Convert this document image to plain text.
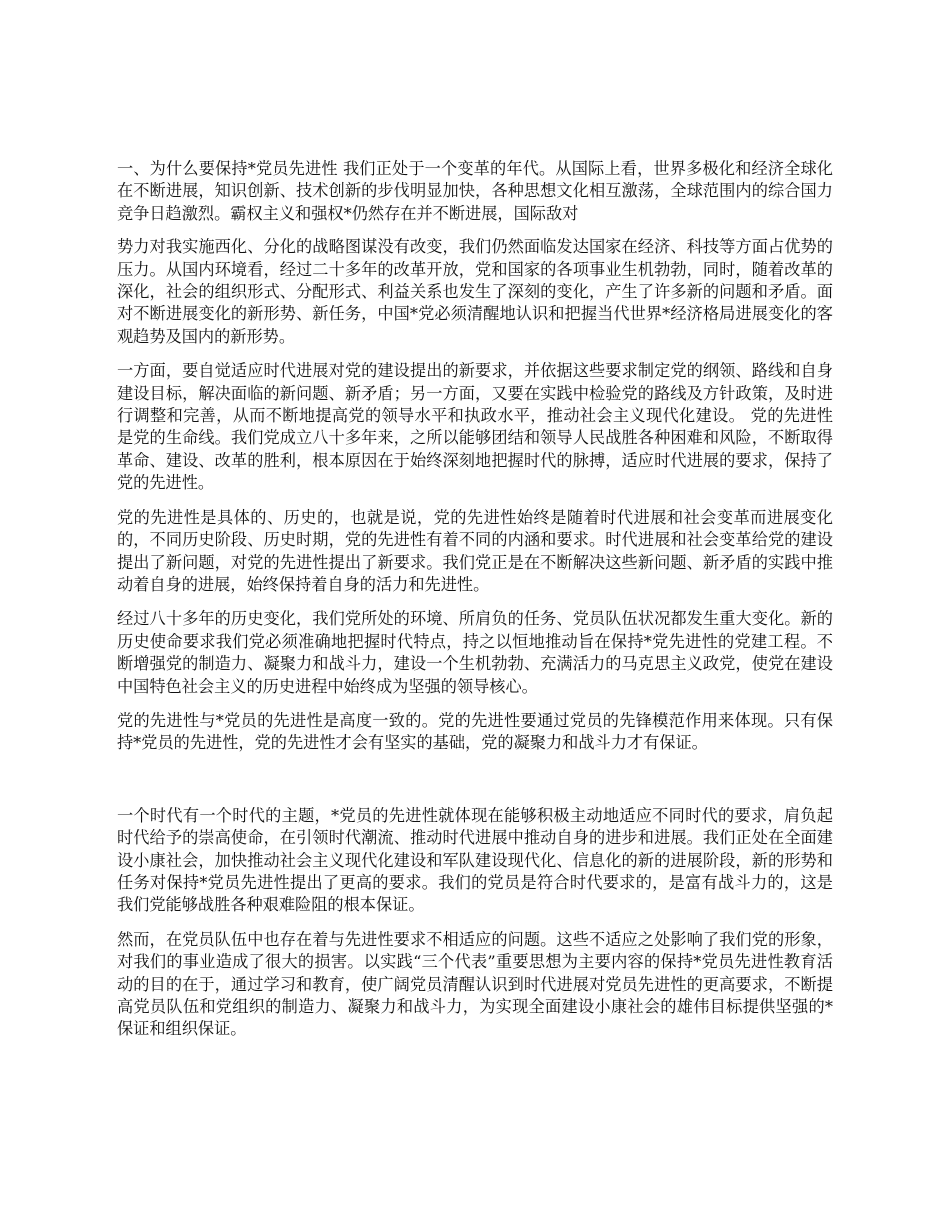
一、为什么要保持*党员先进性 我们正处于一个变革的年代。从国际上看，世界多极化和经济全球化在不断进展，知识创新、技术创新的步伐明显加快，各种思想文化相互激荡，全球范围内的综合国力竞争日趋激烈。霸权主义和强权*仍然存在并不断进展，国际敌对

势力对我实施西化、分化的战略图谋没有改变，我们仍然面临发达国家在经济、科技等方面占优势的压力。从国内环境看，经过二十多年的改革开放，党和国家的各项事业生机勃勃，同时，随着改革的深化，社会的组织形式、分配形式、利益关系也发生了深刻的变化，产生了许多新的问题和矛盾。面对不断进展变化的新形势、新任务，中国*党必须清醒地认识和把握当代世界*经济格局进展变化的客观趋势及国内的新形势。

一方面，要自觉适应时代进展对党的建设提出的新要求，并依据这些要求制定党的纲领、路线和自身建设目标，解决面临的新问题、新矛盾；另一方面，又要在实践中检验党的路线及方针政策，及时进行调整和完善，从而不断地提高党的领导水平和执政水平，推动社会主义现代化建设。 党的先进性是党的生命线。我们党成立八十多年来，之所以能够团结和领导人民战胜各种困难和风险，不断取得革命、建设、改革的胜利，根本原因在于始终深刻地把握时代的脉搏，适应时代进展的要求，保持了党的先进性。

党的先进性是具体的、历史的，也就是说，党的先进性始终是随着时代进展和社会变革而进展变化的，不同历史阶段、历史时期，党的先进性有着不同的内涵和要求。时代进展和社会变革给党的建设提出了新问题，对党的先进性提出了新要求。我们党正是在不断解决这些新问题、新矛盾的实践中推动着自身的进展，始终保持着自身的活力和先进性。

经过八十多年的历史变化，我们党所处的环境、所肩负的任务、党员队伍状况都发生重大变化。新的历史使命要求我们党必须准确地把握时代特点，持之以恒地推动旨在保持*党先进性的党建工程。不断增强党的制造力、凝聚力和战斗力，建设一个生机勃勃、充满活力的马克思主义政党，使党在建设中国特色社会主义的历史进程中始终成为坚强的领导核心。

党的先进性与*党员的先进性是高度一致的。党的先进性要通过党员的先锋模范作用来体现。只有保持*党员的先进性，党的先进性才会有坚实的基础，党的凝聚力和战斗力才有保证。

一个时代有一个时代的主题，*党员的先进性就体现在能够积极主动地适应不同时代的要求，肩负起时代给予的崇高使命，在引领时代潮流、推动时代进展中推动自身的进步和进展。我们正处在全面建设小康社会，加快推动社会主义现代化建设和军队建设现代化、信息化的新的进展阶段，新的形势和任务对保持*党员先进性提出了更高的要求。我们的党员是符合时代要求的，是富有战斗力的，这是我们党能够战胜各种艰难险阻的根本保证。

然而，在党员队伍中也存在着与先进性要求不相适应的问题。这些不适应之处影响了我们党的形象，对我们的事业造成了很大的损害。以实践“三个代表”重要思想为主要内容的保持*党员先进性教育活动的目的在于，通过学习和教育，使广阔党员清醒认识到时代进展对党员先进性的更高要求，不断提高党员队伍和党组织的制造力、凝聚力和战斗力，为实现全面建设小康社会的雄伟目标提供坚强的*保证和组织保证。
